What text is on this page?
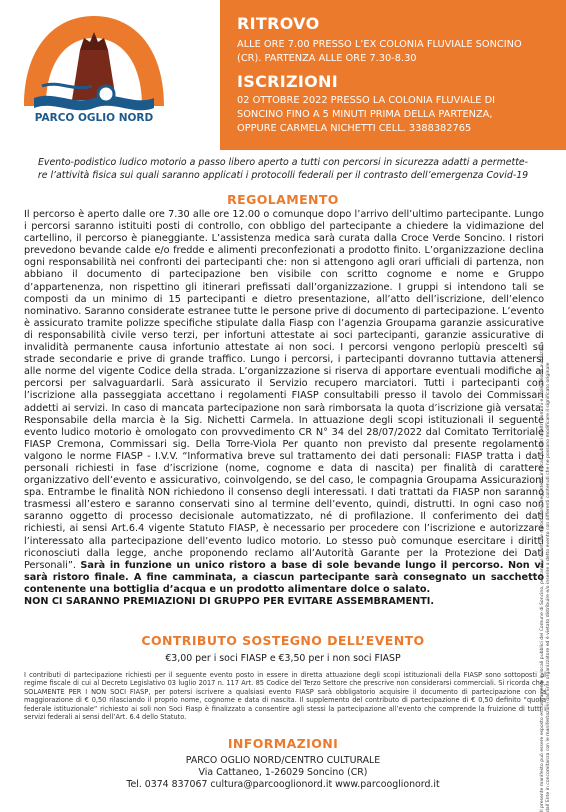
PARCO OGLIO NORD
RITROVO
ALLE ORE 7.00 PRESSO L’EX COLONIA FLUVIALE SONCINO
(CR). PARTENZA ALLE ORE 7.30-8.30
ISCRIZIONI
02 OTTOBRE 2022 PRESSO LA COLONIA FLUVIALE DI
SONCINO FINO A 5 MINUTI PRIMA DELLA PARTENZA,
OPPURE CARMELA NICHETTI CELL. 3388382765
Evento-podistico ludico motorio a passo libero aperto a tutti con percorsi in sicurezza adatti a permette-
re l’attività fisica sui quali saranno applicati i protocolli federali per il contrasto dell’emergenza Covid-19
REGOLAMENTO
Il percorso è aperto dalle ore 7.30 alle ore 12.00 o comunque dopo l’arrivo dell’ultimo partecipante. Lungo i percorsi saranno istituiti posti di controllo, con obbligo del partecipante a chiedere la vidimazione del cartellino, il percorso è pianeggiante. L’assistenza medica sarà curata dalla Croce Verde Soncino. I ristori prevedono bevande calde e/o fredde e alimenti preconfezionati a prodotto finito. L’organizzazione declina ogni responsabilità nei confronti dei partecipanti che: non si attengono agli orari ufficiali di partenza, non abbiano il documento di partecipazione ben visibile con scritto cognome e nome e Gruppo d’appartenenza, non rispettino gli itinerari prefissati dall’organizzazione. I gruppi si intendono tali se composti da un minimo di 15 partecipanti e dietro presentazione, all’atto dell’iscrizione, dell’elenco nominativo. Saranno considerate estranee tutte le persone prive di documento di partecipazione. L’evento è assicurato tramite polizze specifiche stipulate dalla Fiasp con l’agenzia Groupama garanzie assicurative di responsabilità civile verso terzi, per infortuni attestate ai soci partecipanti, garanzie assicurative di invalidità permanente causa infortunio attestate ai non soci. I percorsi vengono perlopiù presceltì su strade secondarie e prive di grande traffico. Lungo i percorsi, i partecipanti dovranno tuttavia attenersi alle norme del vigente Codice della strada. L’organizzazione si riserva di apportare eventuali modifiche ai percorsi per salvaguardarli. Sarà assicurato il Servizio recupero marciatori. Tutti i partecipanti con l’iscrizione alla passeggiata accettano i regolamenti FIASP consultabili presso il tavolo dei Commissari addetti ai servizi. In caso di mancata partecipazione non sarà rimborsata la quota d’iscrizione già versata. Responsabile della marcia è la Sig. Nichetti Carmela. In attuazione degli scopi istituzionali il seguente evento ludico motorio è omologato con provvedimento CR N° 34 del 28/07/2022 dal Comitato Territoriale FIASP Cremona, Commissari sig. Della Torre-Viola Per quanto non previsto dal presente regolamento valgono le norme FIASP - I.V.V. “Informativa breve sul trattamento dei dati personali: FIASP tratta i dati personali richiesti in fase d’iscrizione (nome, cognome e data di nascita) per finalità di carattere organizzativo dell’evento e assicurativo, coinvolgendo, se del caso, le compagnia Groupama Assicurazioni spa. Entrambe le finalità NON richiedono il consenso degli interessati. I dati trattati da FIASP non saranno trasmessi all’estero e saranno conservati sino al termine dell’evento, quindi, distrutti. In ogni caso non saranno oggetto di processo decisionale automatizzato, né di profilazione. Il conferimento dei dati richiesti, ai sensi Art.6.4 vigente Statuto FIASP, è necessario per procedere con l’iscrizione e autorizzare l’interessato alla partecipazione dell’evento ludico motorio. Lo stesso può comunque esercitare i diritti riconosciuti dalla legge, anche proponendo reclamo all’Autorità Garante per la Protezione dei Dati Personali”. Sarà in funzione un unico ristoro a base di sole bevande lungo il percorso. Non vi sarà ristoro finale. A fine camminata, a ciascun partecipante sarà consegnato un sacchetto contenente una bottiglia d’acqua e un prodotto alimentare dolce o salato.
NON CI SARANNO PREMIAZIONI DI GRUPPO PER EVITARE ASSEMBRAMENTI.
CONTRIBUTO SOSTEGNO DELL’EVENTO
€3,00 per i soci FIASP e €3,50 per i non soci FIASP
I contributi di partecipazione richiesti per il seguente evento posto in essere in diretta attuazione degli scopi istituzionali della FIASP sono sottoposti al regime fiscale di cui al Decreto Legislativo 03 luglio 2017 n. 117 Art. 85 Codice del Terzo Settore che prescrive non considerarsi commerciali. Si ricorda che, SOLAMENTE PER I NON SOCI FIASP, per potersi iscrivere a qualsiasi evento FIASP sarà obbligatorio acquisire il documento di partecipazione con la maggiorazione di € 0,50 rilasciando il proprio nome, cognome e data di nascita. Il supplemento del contributo di partecipazione di € 0,50 definito “quota federale istituzionale” richiesto ai soli non Soci Fiasp è finalizzato a consentire agli stessi la partecipazione all’evento che comprende la fruizione di tutti i servizi federali ai sensi dell’Art. 6.4 dello Statuto.
INFORMAZIONI
PARCO OGLIO NORD/CENTRO CULTURALE
Via Cattaneo, 1-26029 Soncino (CR)
Tel. 0374 837067 cultura@parcooglionord.it www.parcooglionord.it	Il presente manifesto può essere esposto esclusivamente in locali pubblici del Comune di Soncino, per tanto, l’eventuale riproduzione degli stessi in locali pubblici di altri Comuni e la rimozione autorizzata dall’Ente in concomitanza con le manifestazioni dall’Ente organizzatore ed è vietato distribuire e/o inserire a detto evento con differenti contenuti che ne possano modificare il significato originale
